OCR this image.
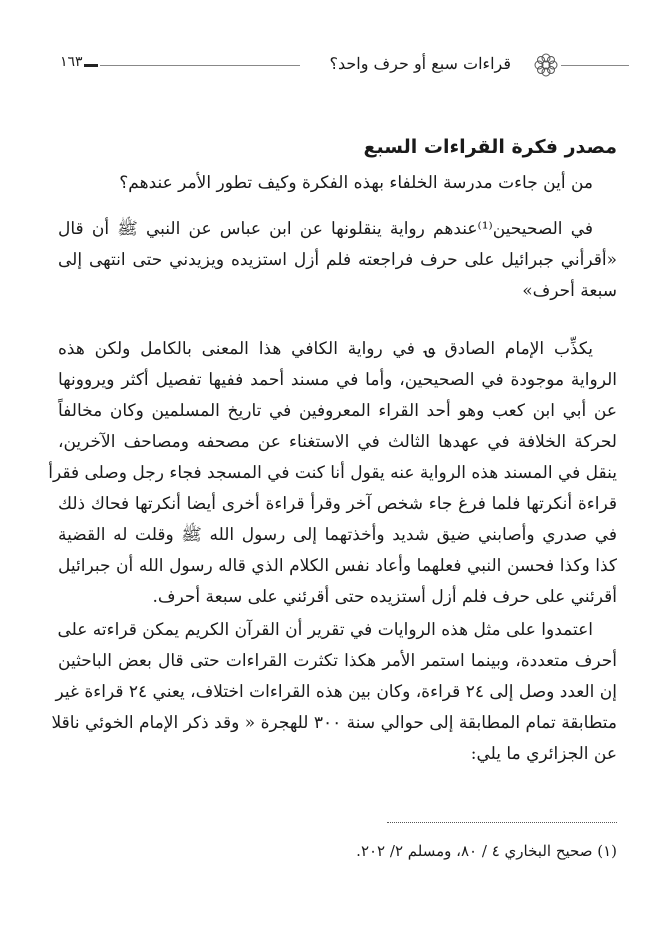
قراءات سبع أو حرف واحد؟
١٦٣
مصدر فكرة القراءات السبع
من أين جاءت مدرسة الخلفاء بهذه الفكرة وكيف تطور الأمر عندهم؟
في الصحيحين⁽¹⁾عندهم رواية ينقلونها عن ابن عباس عن النبي ﷺ أن قال
«أقرأني جبرائيل على حرف فراجعته فلم أزل استزيده ويزيدني حتى انتهى إلى
سبعة أحرف»
يكذِّب الإمام الصادق ؈ في رواية الكافي هذا المعنى بالكامل ولكن هذه
الرواية موجودة في الصحيحين، وأما في مسند أحمد ففيها تفصيل أكثر ويروونها
عن أبي ابن كعب وهو أحد القراء المعروفين في تاريخ المسلمين وكان مخالفاً
لحركة الخلافة في عهدها الثالث في الاستغناء عن مصحفه ومصاحف الآخرين،
ينقل في المسند هذه الرواية عنه يقول أنا كنت في المسجد فجاء رجل وصلى فقرأ
قراءة أنكرتها فلما فرغ جاء شخص آخر وقرأ قراءة أخرى أيضا أنكرتها فحاك ذلك
في صدري وأصابني ضيق شديد وأخذتهما إلى رسول الله ﷺ وقلت له القضية
كذا وكذا فحسن النبي فعلهما وأعاد نفس الكلام الذي قاله رسول الله أن جبرائيل
أقرئني على حرف فلم أزل أستزيده حتى أقرئني على سبعة أحرف.
اعتمدوا على مثل هذه الروايات في تقرير أن القرآن الكريم يمكن قراءته على
أحرف متعددة، وبينما استمر الأمر هكذا تكثرت القراءات حتى قال بعض الباحثين
إن العدد وصل إلى ٢٤ قراءة، وكان بين هذه القراءات اختلاف، يعني ٢٤ قراءة غير
متطابقة تمام المطابقة إلى حوالي سنة ٣٠٠ للهجرة « وقد ذكر الإمام الخوئي ناقلا
عن الجزائري ما يلي:
(١) صحيح البخاري ٤ / ٨٠، ومسلم ٢/ ٢٠٢.
